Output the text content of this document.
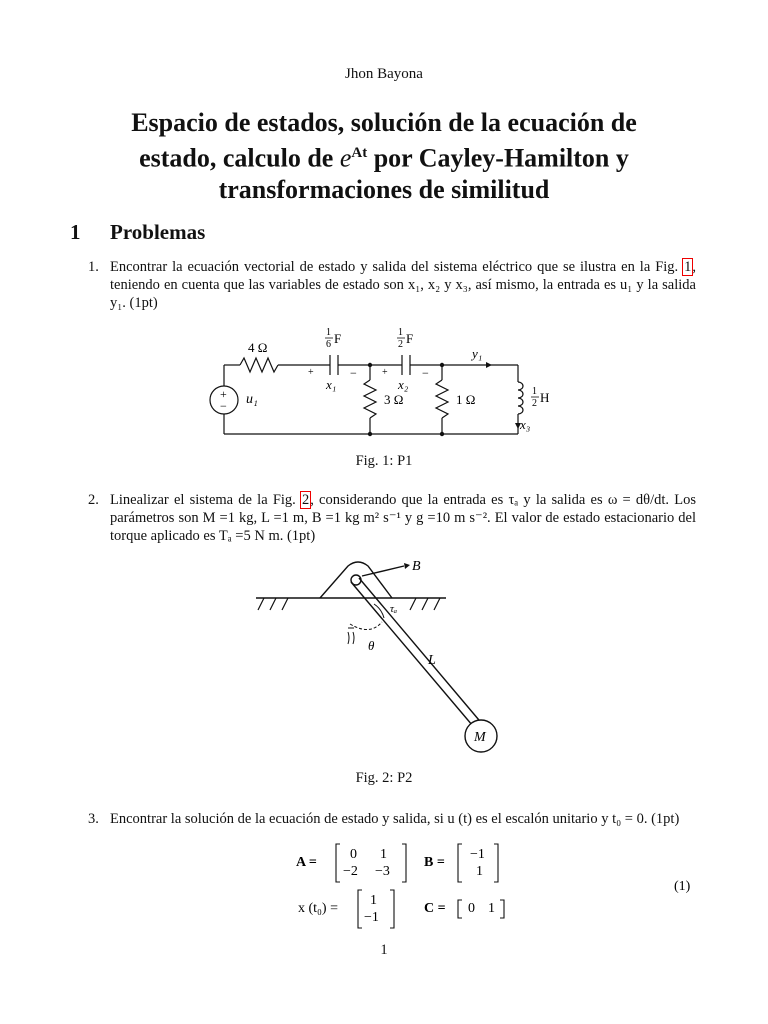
Jhon Bayona
Espacio de estados, solución de la ecuación de
estado, calculo de $e^{At}$ por Cayley-Hamilton y
transformaciones de similitud
1 Problemas
1. Encontrar la ecuación vectorial de estado y salida del sistema eléctrico que se ilustra en la Fig. 1, teniendo en cuenta que las variables de estado son x₁, x₂ y x₃, así mismo, la entrada es u₁ y la salida y₁. (1pt)
+
− u₁
4 Ω
1
6 F	1
2 F
+	−
x₁
+	−
x₂
3 Ω	1 Ω
y₁
1
2 H
x₃
Fig. 1: P1
2. Linealizar el sistema de la Fig. 2, considerando que la entrada es τₐ y la salida es ω = dθ/dt. Los parámetros son M =1 kg, L =1 m, B =1 kg m² s⁻¹ y g =10 m s⁻². El valor de estado estacionario del torque aplicado es Tₐ =5 N m. (1pt)
B
τₐ
θ
L
M
Fig. 2: P2
3. Encontrar la solución de la ecuación de estado y salida, si u (t) es el escalón unitario y t₀ = 0. (1pt)
A =
0 1
−2 −3
B =
−1
1
x (t₀) =
1
−1
C = 0 1
(1)
1
